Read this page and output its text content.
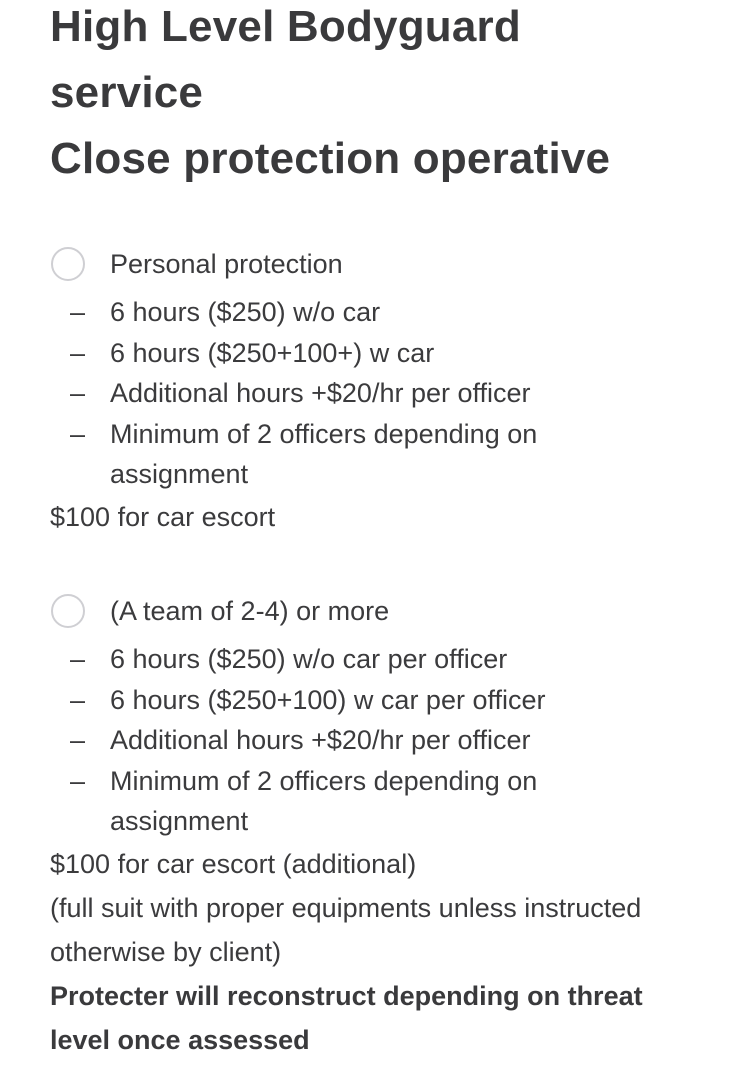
High Level Bodyguard
service
Close protection operative
Personal protection
– 6 hours ($250) w/o car
– 6 hours ($250+100+) w car
– Additional hours +$20/hr per officer
– Minimum of 2 officers depending on
assignment
$100 for car escort
(A team of 2-4) or more
– 6 hours ($250) w/o car per officer
– 6 hours ($250+100) w car per officer
– Additional hours +$20/hr per officer
– Minimum of 2 officers depending on
assignment
$100 for car escort (additional)
(full suit with proper equipments unless instructed
otherwise by client)
Protecter will reconstruct depending on threat
level once assessed
